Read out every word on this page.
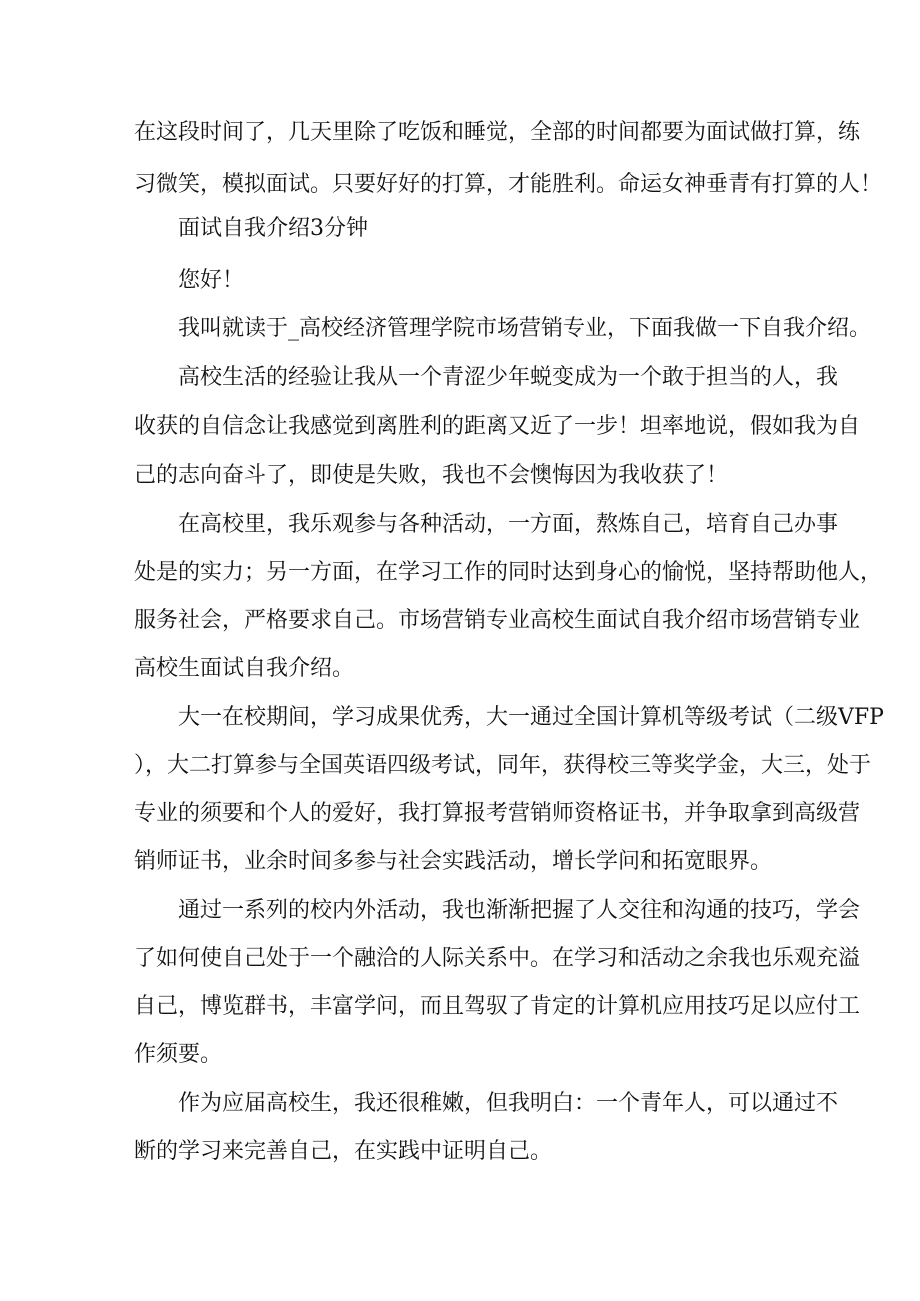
在这段时间了，几天里除了吃饭和睡觉，全部的时间都要为面试做打算，练
习微笑，模拟面试。只要好好的打算，才能胜利。命运女神垂青有打算的人！
面试自我介绍3分钟
您好！
我叫就读于_高校经济管理学院市场营销专业，下面我做一下自我介绍。
高校生活的经验让我从一个青涩少年蜕变成为一个敢于担当的人，我
收获的自信念让我感觉到离胜利的距离又近了一步！坦率地说，假如我为自
己的志向奋斗了，即使是失败，我也不会懊悔因为我收获了！
在高校里，我乐观参与各种活动，一方面，熬炼自己，培育自己办事
处是的实力；另一方面，在学习工作的同时达到身心的愉悦，坚持帮助他人，
服务社会，严格要求自己。市场营销专业高校生面试自我介绍市场营销专业
高校生面试自我介绍。
大一在校期间，学习成果优秀，大一通过全国计算机等级考试（二级VFP
），大二打算参与全国英语四级考试，同年，获得校三等奖学金，大三，处于
专业的须要和个人的爱好，我打算报考营销师资格证书，并争取拿到高级营
销师证书，业余时间多参与社会实践活动，增长学问和拓宽眼界。
通过一系列的校内外活动，我也渐渐把握了人交往和沟通的技巧，学会
了如何使自己处于一个融洽的人际关系中。在学习和活动之余我也乐观充溢
自己，博览群书，丰富学问，而且驾驭了肯定的计算机应用技巧足以应付工
作须要。
作为应届高校生，我还很稚嫩，但我明白：一个青年人，可以通过不
断的学习来完善自己，在实践中证明自己。
